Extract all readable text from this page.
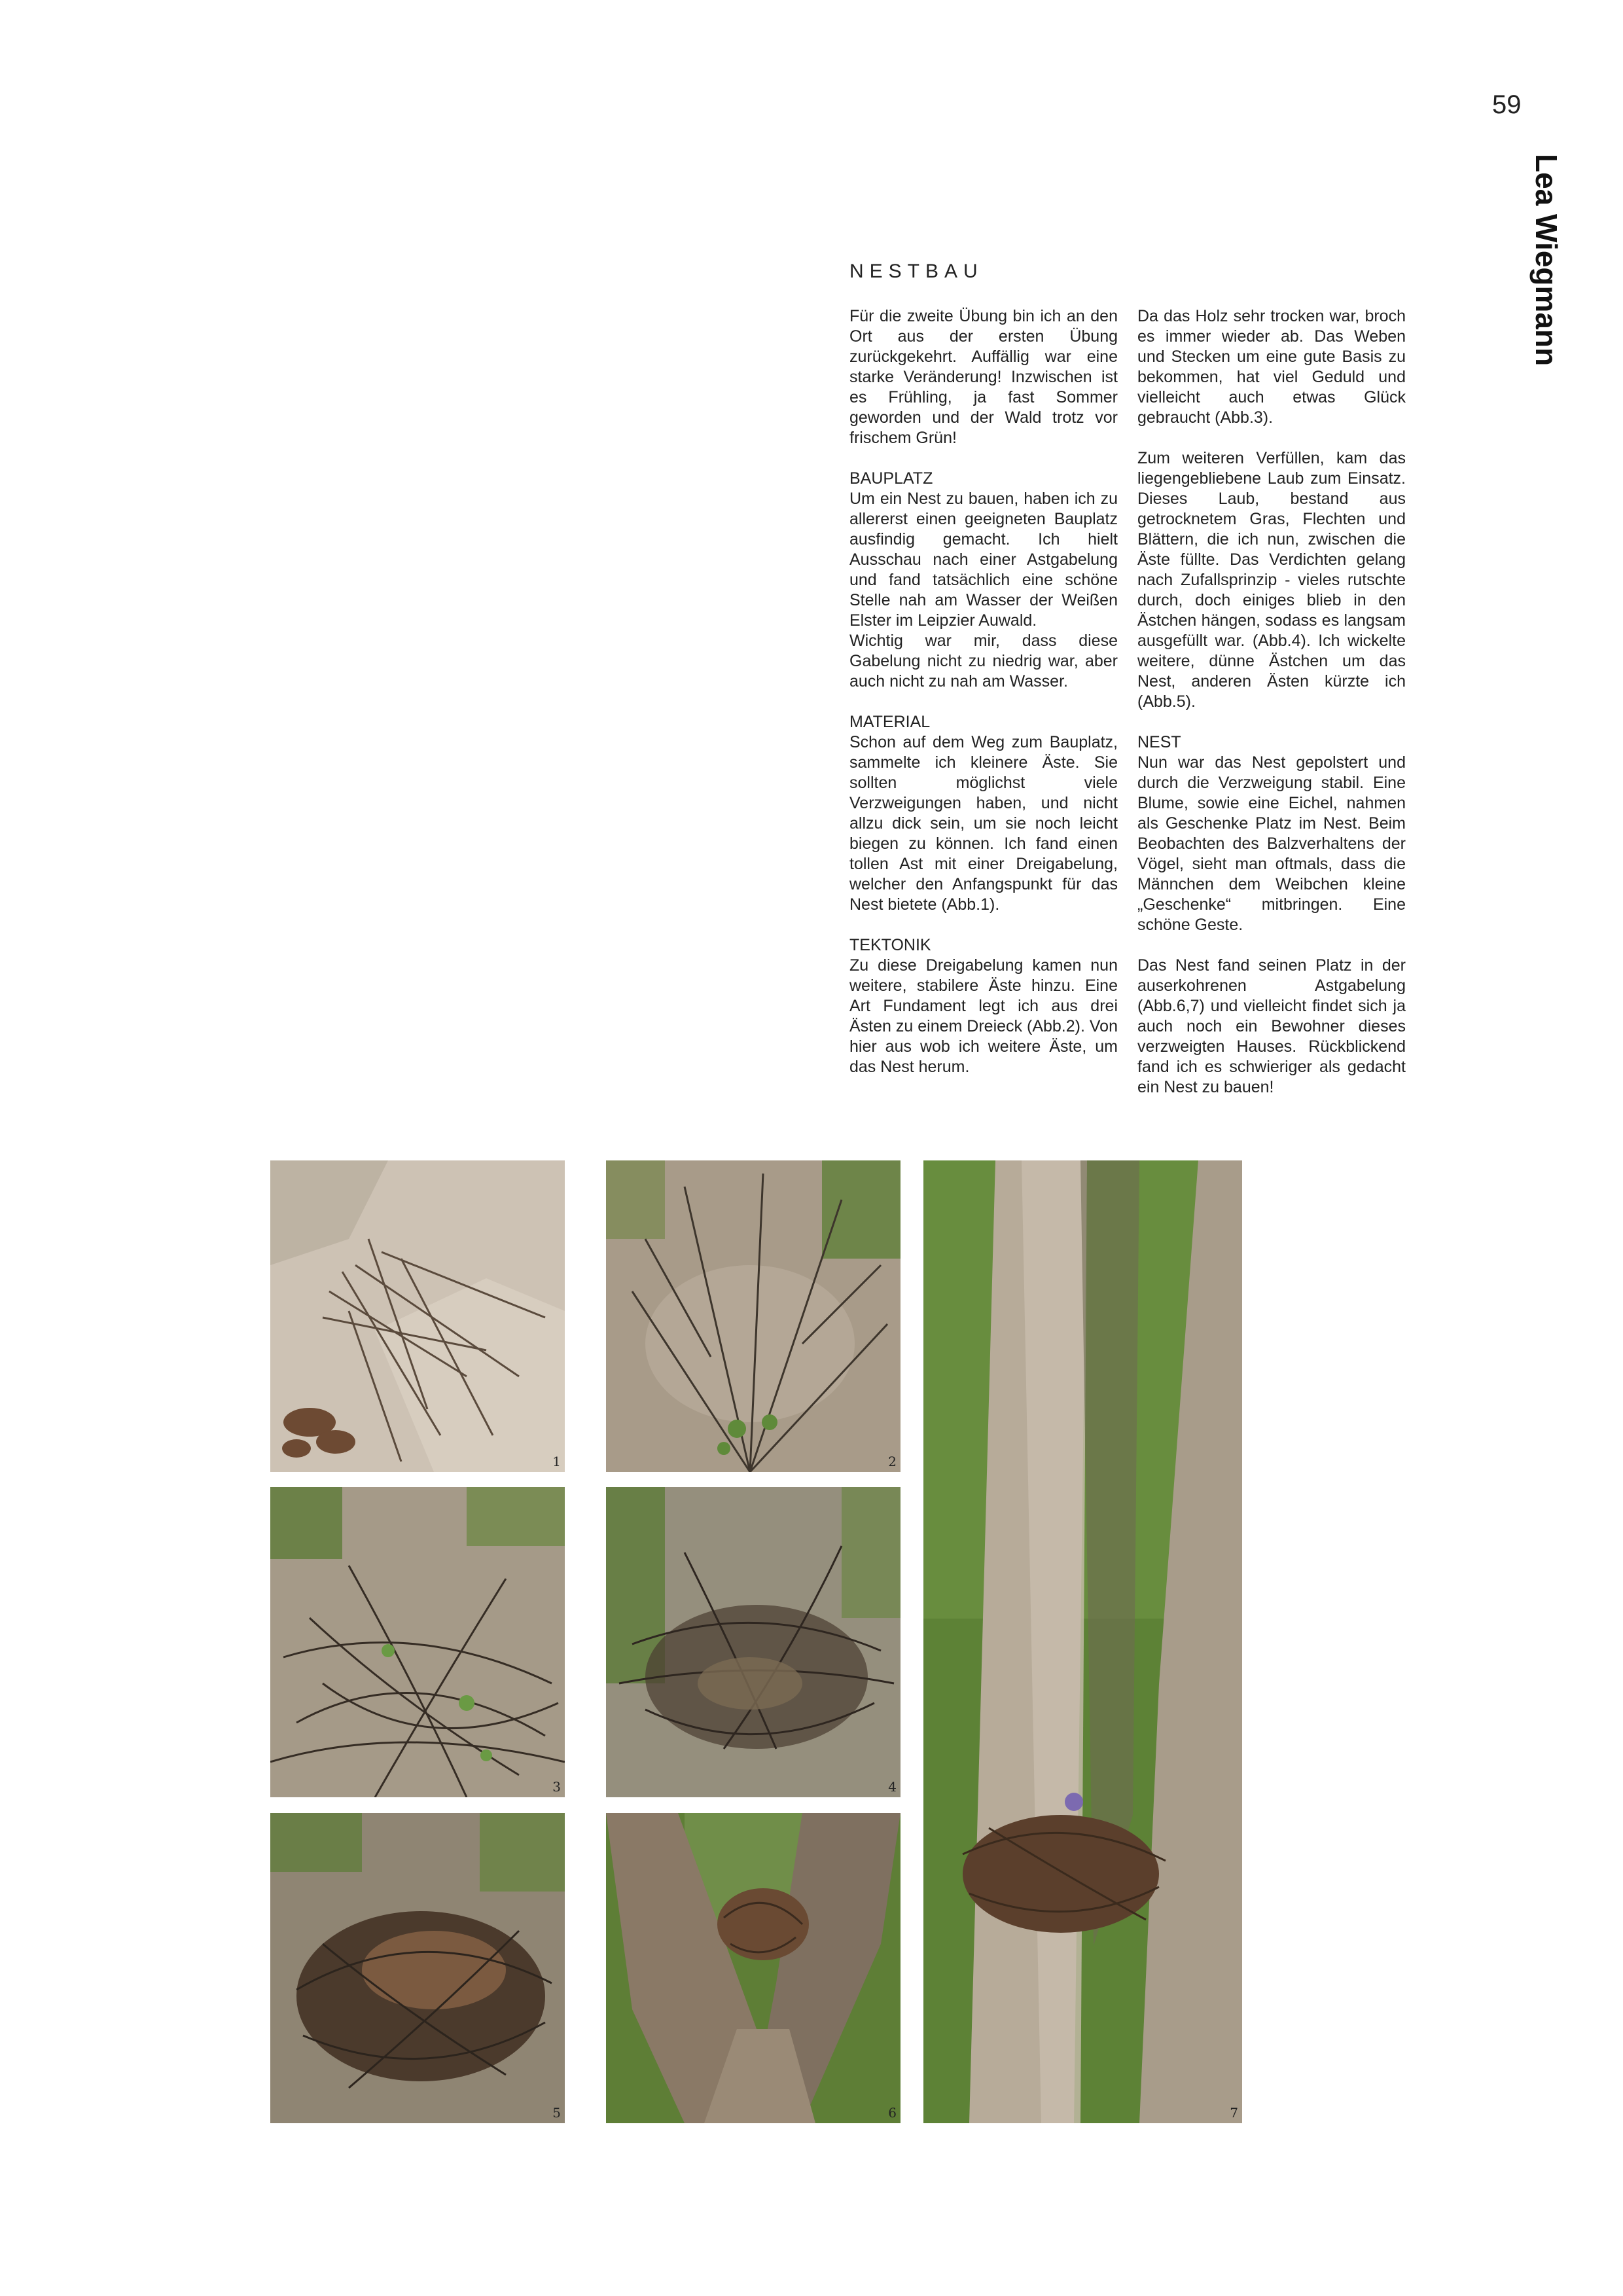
59
Lea Wiegmann
NESTBAU

Für die zweite Übung bin ich an den Ort aus der ersten Übung zurückgekehrt. Auffällig war eine starke Veränderung! Inzwischen ist es Frühling, ja fast Sommer geworden und der Wald trotz vor frischem Grün!

BAUPLATZ
Um ein Nest zu bauen, haben ich zu allererst einen geeigneten Bauplatz ausfindig gemacht. Ich hielt Ausschau nach einer Astgabelung und fand tatsächlich eine schöne Stelle nah am Wasser der Weißen Elster im Leipzier Auwald.

Wichtig war mir, dass diese Gabelung nicht zu niedrig war, aber auch nicht zu nah am Wasser.

MATERIAL
Schon auf dem Weg zum Bauplatz, sammelte ich kleinere Äste. Sie sollten möglichst viele Verzweigungen haben, und nicht allzu dick sein, um sie noch leicht biegen zu können. Ich fand einen tollen Ast mit einer Dreigabelung, welcher den Anfangspunkt für das Nest bietete (Abb.1).

TEKTONIK
Zu diese Dreigabelung kamen nun weitere, stabilere Äste hinzu. Eine Art Fundament legt ich aus drei Ästen zu einem Dreieck (Abb.2). Von hier aus wob ich weitere Äste, um das Nest herum.

Da das Holz sehr trocken war, broch es immer wieder ab. Das Weben und Stecken um eine gute Basis zu bekommen, hat viel Geduld und vielleicht auch etwas Glück gebraucht (Abb.3).

Zum weiteren Verfüllen, kam das liegengebliebene Laub zum Einsatz. Dieses Laub, bestand aus getrocknetem Gras, Flechten und Blättern, die ich nun, zwischen die Äste füllte. Das Verdichten gelang nach Zufallsprinzip - vieles rutschte durch, doch einiges blieb in den Ästchen hängen, sodass es langsam ausgefüllt war. (Abb.4). Ich wickelte weitere, dünne Ästchen um das Nest, anderen Ästen kürzte ich (Abb.5).

NEST
Nun war das Nest gepolstert und durch die Verzweigung stabil. Eine Blume, sowie eine Eichel, nahmen als Geschenke Platz im Nest. Beim Beobachten des Balzverhaltens der Vögel, sieht man oftmals, dass die Männchen dem Weibchen kleine „Geschenke“ mitbringen. Eine schöne Geste.

Das Nest fand seinen Platz in der auserkohrenen Astgabelung (Abb.6,7) und vielleicht findet sich ja auch noch ein Bewohner dieses verzweigten Hauses. Rückblickend fand ich es schwieriger als gedacht ein Nest zu bauen!

1	2
3	4
5	6	7
